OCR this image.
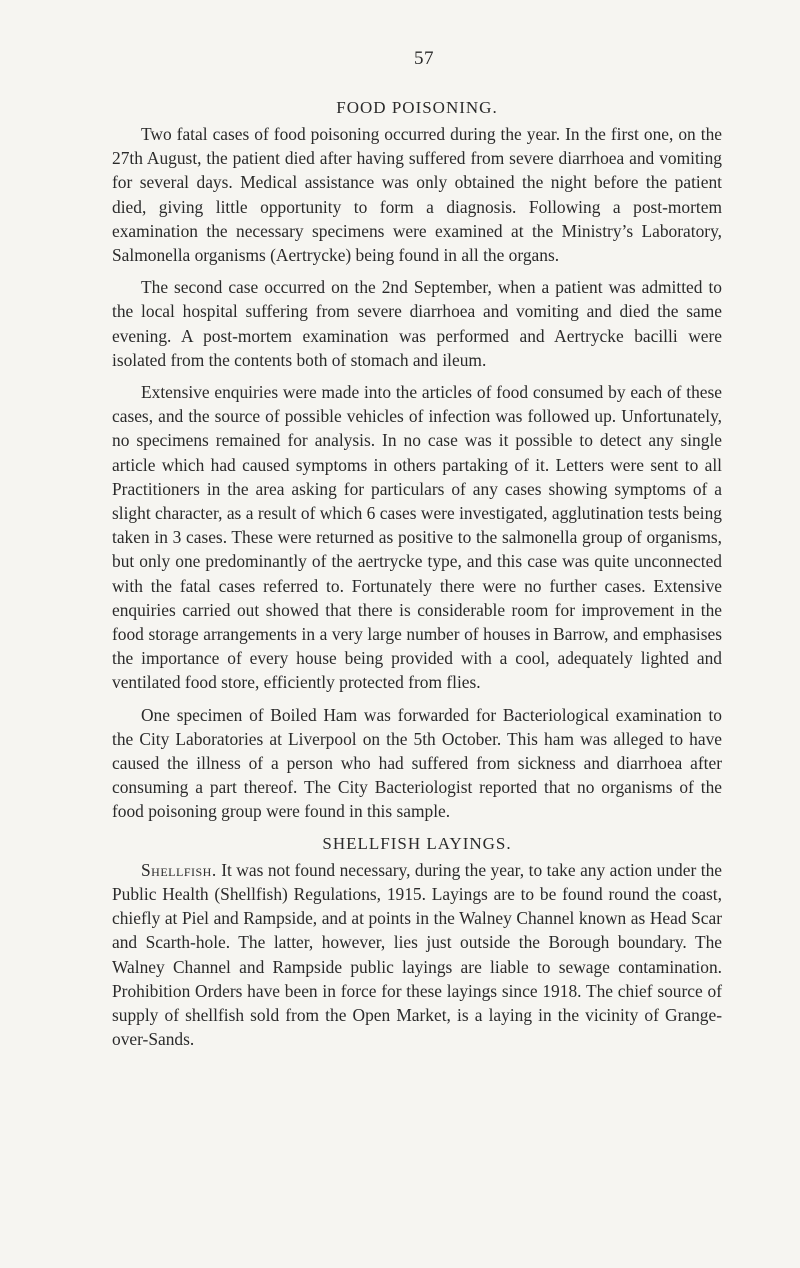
57
FOOD POISONING.

Two fatal cases of food poisoning occurred during the year. In the first one, on the 27th August, the patient died after having suffered from severe diarrhoea and vomiting for several days. Medical assistance was only obtained the night before the patient died, giving little opportunity to form a diagnosis. Following a post-mortem examination the necessary specimens were examined at the Ministry’s Laboratory, Salmonella organisms (Aertrycke) being found in all the organs.

The second case occurred on the 2nd September, when a patient was admitted to the local hospital suffering from severe diarrhoea and vomiting and died the same evening. A post-mortem examination was performed and Aertrycke bacilli were isolated from the contents both of stomach and ileum.

Extensive enquiries were made into the articles of food consumed by each of these cases, and the source of possible vehicles of infection was followed up. Unfortunately, no specimens remained for analysis. In no case was it possible to detect any single article which had caused symptoms in others partaking of it. Letters were sent to all Practitioners in the area asking for particulars of any cases showing symptoms of a slight character, as a result of which 6 cases were investigated, agglutination tests being taken in 3 cases. These were returned as positive to the salmonella group of organisms, but only one predominantly of the aertrycke type, and this case was quite unconnected with the fatal cases referred to. Fortunately there were no further cases. Extensive enquiries carried out showed that there is considerable room for improvement in the food storage arrangements in a very large number of houses in Barrow, and emphasises the importance of every house being provided with a cool, adequately lighted and ventilated food store, efficiently protected from flies.

One specimen of Boiled Ham was forwarded for Bacteriological examination to the City Laboratories at Liverpool on the 5th October. This ham was alleged to have caused the illness of a person who had suffered from sickness and diarrhoea after consuming a part thereof. The City Bacteriologist reported that no organisms of the food poisoning group were found in this sample.

SHELLFISH LAYINGS.

Shellfish. It was not found necessary, during the year, to take any action under the Public Health (Shellfish) Regulations, 1915. Layings are to be found round the coast, chiefly at Piel and Rampside, and at points in the Walney Channel known as Head Scar and Scarth-hole. The latter, however, lies just outside the Borough boundary. The Walney Channel and Rampside public layings are liable to sewage contamination. Prohibition Orders have been in force for these layings since 1918. The chief source of supply of shellfish sold from the Open Market, is a laying in the vicinity of Grange-over-Sands.
